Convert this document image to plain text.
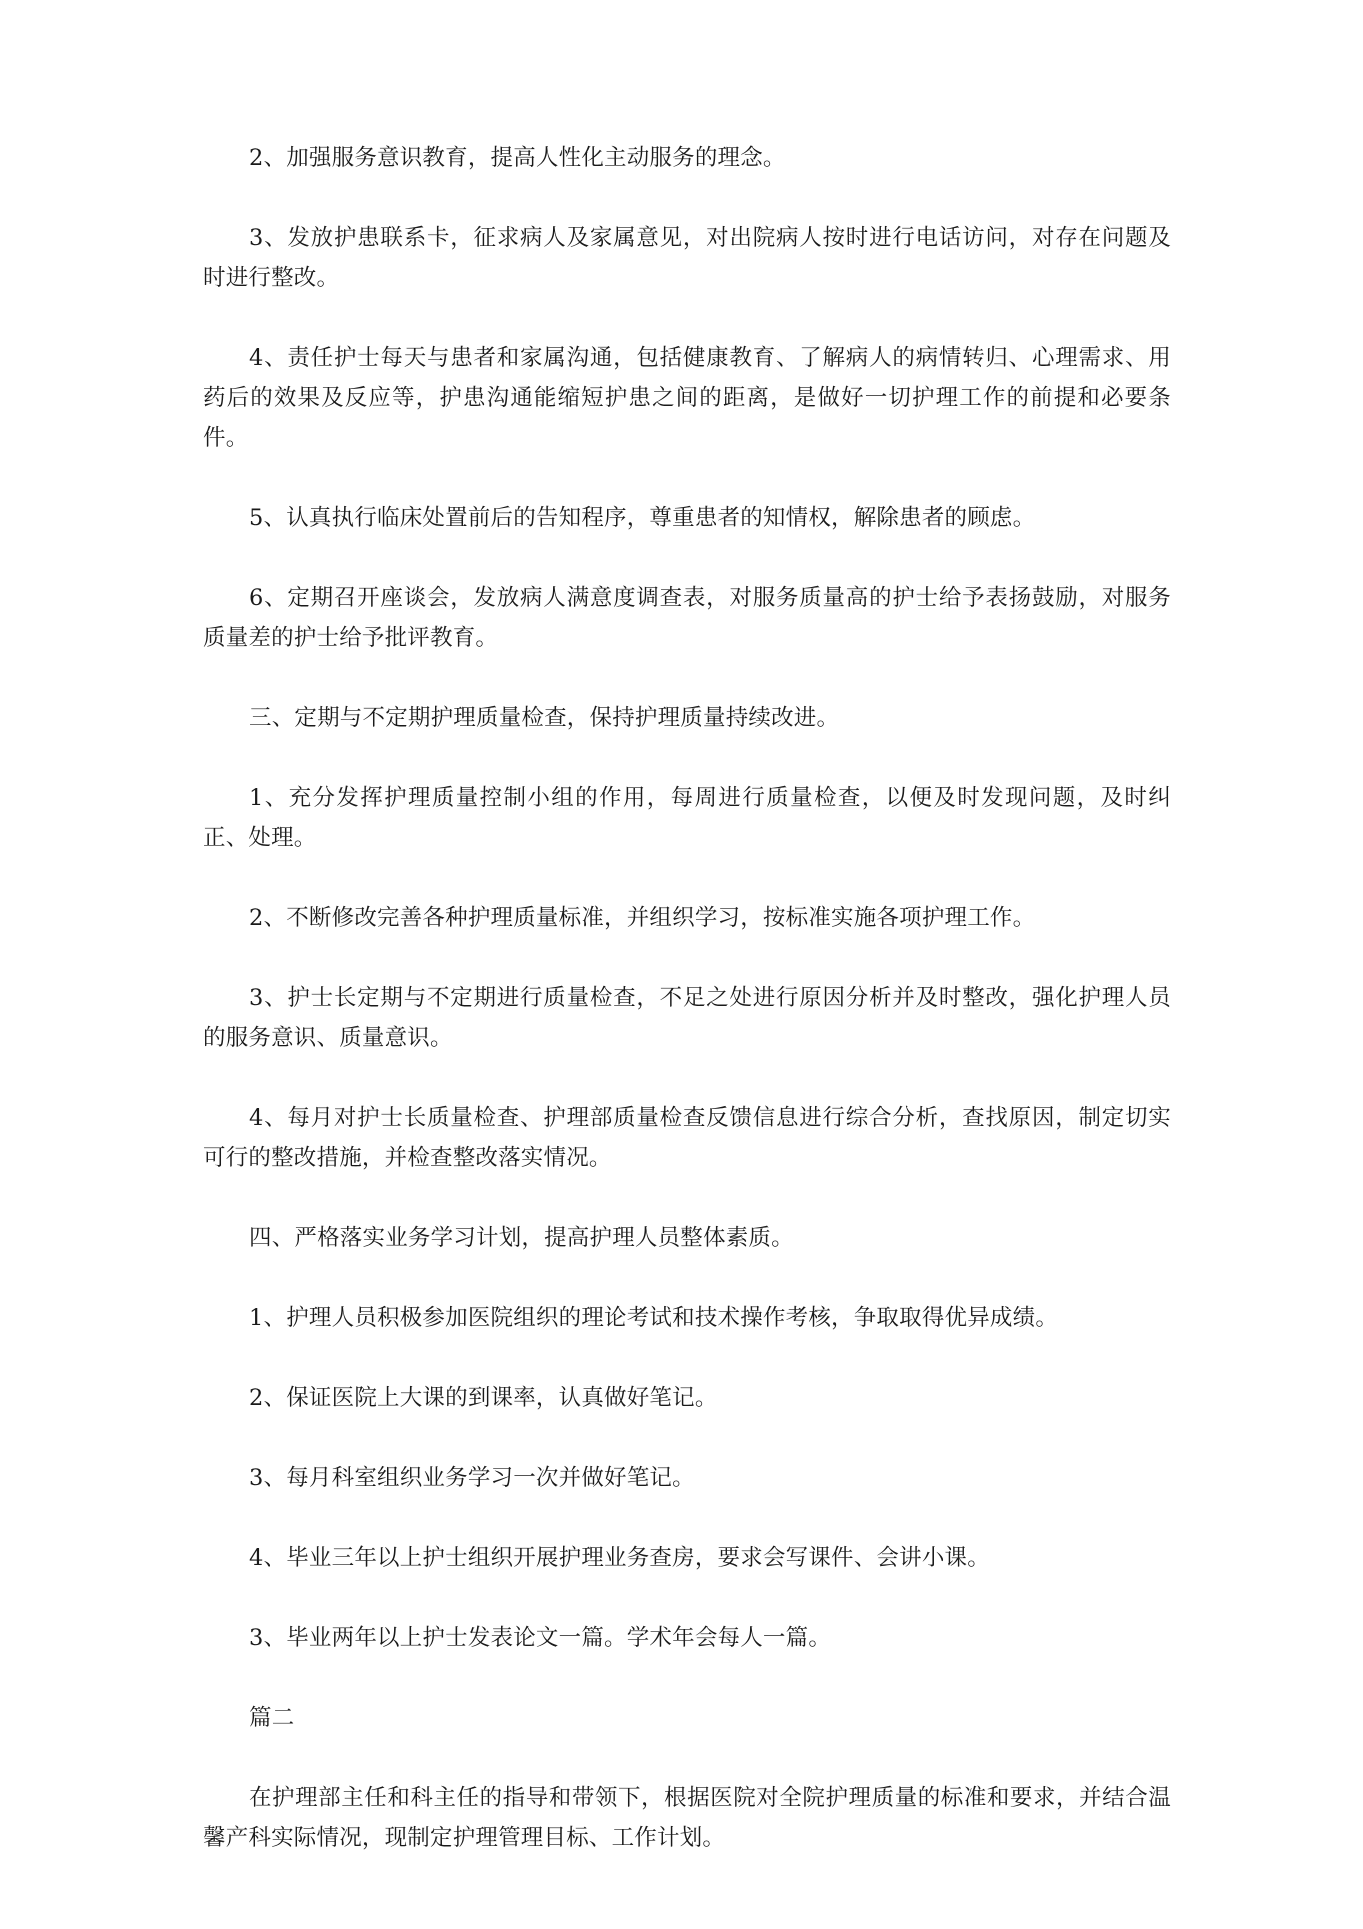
2、加强服务意识教育，提高人性化主动服务的理念。

3、发放护患联系卡，征求病人及家属意见，对出院病人按时进行电话访问，对存在问题及时进行整改。

4、责任护士每天与患者和家属沟通，包括健康教育、了解病人的病情转归、心理需求、用药后的效果及反应等，护患沟通能缩短护患之间的距离，是做好一切护理工作的前提和必要条件。

5、认真执行临床处置前后的告知程序，尊重患者的知情权，解除患者的顾虑。

6、定期召开座谈会，发放病人满意度调查表，对服务质量高的护士给予表扬鼓励，对服务质量差的护士给予批评教育。

三、定期与不定期护理质量检查，保持护理质量持续改进。

1、充分发挥护理质量控制小组的作用，每周进行质量检查，以便及时发现问题，及时纠正、处理。

2、不断修改完善各种护理质量标准，并组织学习，按标准实施各项护理工作。

3、护士长定期与不定期进行质量检查，不足之处进行原因分析并及时整改，强化护理人员的服务意识、质量意识。

4、每月对护士长质量检查、护理部质量检查反馈信息进行综合分析，查找原因，制定切实可行的整改措施，并检查整改落实情况。

四、严格落实业务学习计划，提高护理人员整体素质。

1、护理人员积极参加医院组织的理论考试和技术操作考核，争取取得优异成绩。

2、保证医院上大课的到课率，认真做好笔记。

3、每月科室组织业务学习一次并做好笔记。

4、毕业三年以上护士组织开展护理业务查房，要求会写课件、会讲小课。

3、毕业两年以上护士发表论文一篇。学术年会每人一篇。

篇二

在护理部主任和科主任的指导和带领下，根据医院对全院护理质量的标准和要求，并结合温馨产科实际情况，现制定护理管理目标、工作计划。
